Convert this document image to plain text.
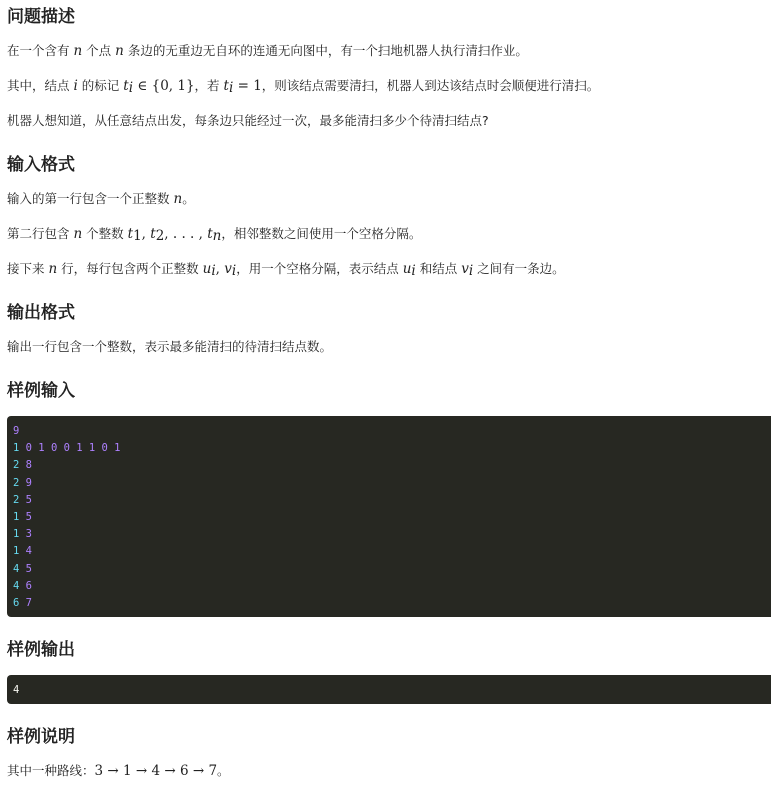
问题描述

在一个含有 n 个点 n 条边的无重边无自环的连通无向图中，有一个扫地机器人执行清扫作业。

其中，结点 i 的标记 $t_i$ ∈ {0, 1}，若 $t_i = 1$，则该结点需要清扫，机器人到达该结点时会顺便进行清扫。

机器人想知道，从任意结点出发，每条边只能经过一次，最多能清扫多少个待清扫结点?

输入格式

输入的第一行包含一个正整数 n。

第二行包含 n 个整数 $t_1$, $t_2$, . . . , $t_n$，相邻整数之间使用一个空格分隔。

接下来 n 行，每行包含两个正整数 $u_i$, $v_i$，用一个空格分隔，表示结点 $u_i$ 和结点 $v_i$ 之间有一条边。

输出格式

输出一行包含一个整数，表示最多能清扫的待清扫结点数。

样例输入
9
1 0 1 0 0 1 1 0 1
2 8
2 9
2 5
1 5
1 3
1 4
4 5
4 6
6 7
样例输出
4
样例说明

其中一种路线：3 → 1 → 4 → 6 → 7。
